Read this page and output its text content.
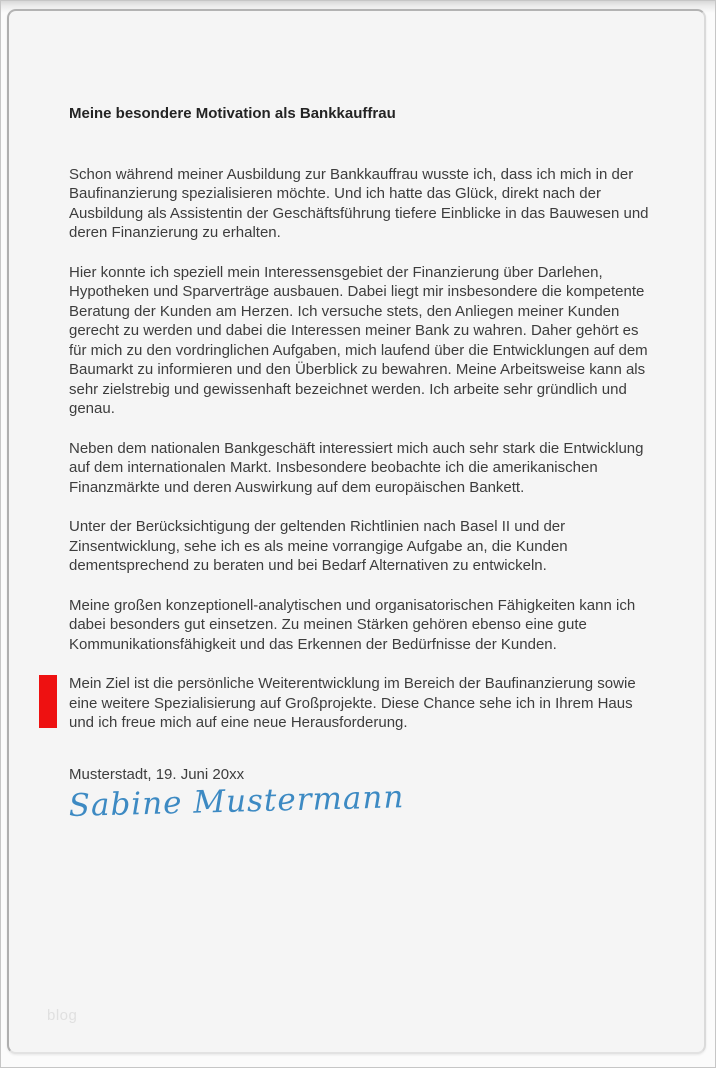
Meine besondere Motivation als Bankkauffrau

Schon während meiner Ausbildung zur Bankkauffrau wusste ich, dass ich mich in der Baufinanzierung spezialisieren möchte. Und ich hatte das Glück, direkt nach der Ausbildung als Assistentin der Geschäftsführung tiefere Einblicke in das Bauwesen und deren Finanzierung zu erhalten.

Hier konnte ich speziell mein Interessensgebiet der Finanzierung über Darlehen, Hypotheken und Sparverträge ausbauen. Dabei liegt mir insbesondere die kompetente Beratung der Kunden am Herzen. Ich versuche stets, den Anliegen meiner Kunden gerecht zu werden und dabei die Interessen meiner Bank zu wahren. Daher gehört es für mich zu den vordringlichen Aufgaben, mich laufend über die Entwicklungen auf dem Baumarkt zu informieren und den Überblick zu bewahren. Meine Arbeitsweise kann als sehr zielstrebig und gewissenhaft bezeichnet werden. Ich arbeite sehr gründlich und genau.

Neben dem nationalen Bankgeschäft interessiert mich auch sehr stark die Entwicklung auf dem internationalen Markt. Insbesondere beobachte ich die amerikanischen Finanzmärkte und deren Auswirkung auf dem europäischen Bankett.

Unter der Berücksichtigung der geltenden Richtlinien nach Basel II und der Zinsentwicklung, sehe ich es als meine vorrangige Aufgabe an, die Kunden dementsprechend zu beraten und bei Bedarf Alternativen zu entwickeln.

Meine großen konzeptionell-analytischen und organisatorischen Fähigkeiten kann ich dabei besonders gut einsetzen. Zu meinen Stärken gehören ebenso eine gute Kommunikationsfähigkeit und das Erkennen der Bedürfnisse der Kunden.

Mein Ziel ist die persönliche Weiterentwicklung im Bereich der Baufinanzierung sowie eine weitere Spezialisierung auf Großprojekte. Diese Chance sehe ich in Ihrem Haus und ich freue mich auf eine neue Herausforderung.

Musterstadt, 19. Juni 20xx

Sabine Mustermann
blog
